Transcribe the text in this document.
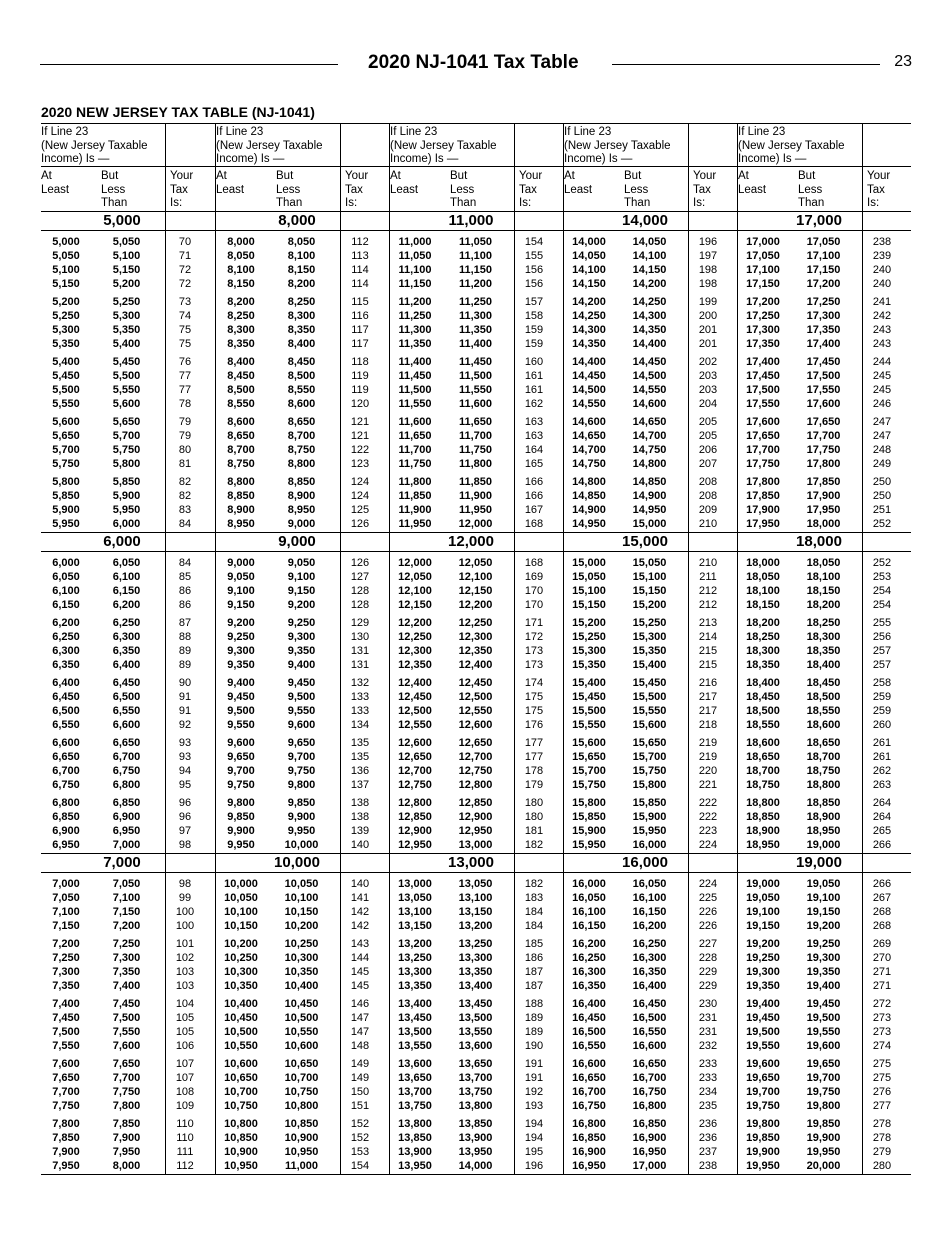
2020 NJ-1041 Tax Table	23
2020 NEW JERSEY TAX TABLE (NJ-1041)
If Line 23
(New Jersey Taxable
Income) Is —
At
Least
But
Less
Than
Your
Tax
Is:
5,000
5,000	5,050	70
5,050	5,100	71
5,100	5,150	72
5,150	5,200	72
5,200	5,250	73
5,250	5,300	74
5,300	5,350	75
5,350	5,400	75
5,400	5,450	76
5,450	5,500	77
5,500	5,550	77
5,550	5,600	78
5,600	5,650	79
5,650	5,700	79
5,700	5,750	80
5,750	5,800	81
5,800	5,850	82
5,850	5,900	82
5,900	5,950	83
5,950	6,000	84
6,000
6,000	6,050	84
6,050	6,100	85
6,100	6,150	86
6,150	6,200	86
6,200	6,250	87
6,250	6,300	88
6,300	6,350	89
6,350	6,400	89
6,400	6,450	90
6,450	6,500	91
6,500	6,550	91
6,550	6,600	92
6,600	6,650	93
6,650	6,700	93
6,700	6,750	94
6,750	6,800	95
6,800	6,850	96
6,850	6,900	96
6,900	6,950	97
6,950	7,000	98
7,000
7,000	7,050	98
7,050	7,100	99
7,100	7,150	100
7,150	7,200	100
7,200	7,250	101
7,250	7,300	102
7,300	7,350	103
7,350	7,400	103
7,400	7,450	104
7,450	7,500	105
7,500	7,550	105
7,550	7,600	106
7,600	7,650	107
7,650	7,700	107
7,700	7,750	108
7,750	7,800	109
7,800	7,850	110
7,850	7,900	110
7,900	7,950	111
7,950	8,000	112
If Line 23
(New Jersey Taxable
Income) Is —
At
Least
But
Less
Than
Your
Tax
Is:
8,000
8,000	8,050	112
8,050	8,100	113
8,100	8,150	114
8,150	8,200	114
8,200	8,250	115
8,250	8,300	116
8,300	8,350	117
8,350	8,400	117
8,400	8,450	118
8,450	8,500	119
8,500	8,550	119
8,550	8,600	120
8,600	8,650	121
8,650	8,700	121
8,700	8,750	122
8,750	8,800	123
8,800	8,850	124
8,850	8,900	124
8,900	8,950	125
8,950	9,000	126
9,000
9,000	9,050	126
9,050	9,100	127
9,100	9,150	128
9,150	9,200	128
9,200	9,250	129
9,250	9,300	130
9,300	9,350	131
9,350	9,400	131
9,400	9,450	132
9,450	9,500	133
9,500	9,550	133
9,550	9,600	134
9,600	9,650	135
9,650	9,700	135
9,700	9,750	136
9,750	9,800	137
9,800	9,850	138
9,850	9,900	138
9,900	9,950	139
9,950	10,000	140
10,000
10,000	10,050	140
10,050	10,100	141
10,100	10,150	142
10,150	10,200	142
10,200	10,250	143
10,250	10,300	144
10,300	10,350	145
10,350	10,400	145
10,400	10,450	146
10,450	10,500	147
10,500	10,550	147
10,550	10,600	148
10,600	10,650	149
10,650	10,700	149
10,700	10,750	150
10,750	10,800	151
10,800	10,850	152
10,850	10,900	152
10,900	10,950	153
10,950	11,000	154
If Line 23
(New Jersey Taxable
Income) Is —
At
Least
But
Less
Than
Your
Tax
Is:
11,000
11,000	11,050	154
11,050	11,100	155
11,100	11,150	156
11,150	11,200	156
11,200	11,250	157
11,250	11,300	158
11,300	11,350	159
11,350	11,400	159
11,400	11,450	160
11,450	11,500	161
11,500	11,550	161
11,550	11,600	162
11,600	11,650	163
11,650	11,700	163
11,700	11,750	164
11,750	11,800	165
11,800	11,850	166
11,850	11,900	166
11,900	11,950	167
11,950	12,000	168
12,000
12,000	12,050	168
12,050	12,100	169
12,100	12,150	170
12,150	12,200	170
12,200	12,250	171
12,250	12,300	172
12,300	12,350	173
12,350	12,400	173
12,400	12,450	174
12,450	12,500	175
12,500	12,550	175
12,550	12,600	176
12,600	12,650	177
12,650	12,700	177
12,700	12,750	178
12,750	12,800	179
12,800	12,850	180
12,850	12,900	180
12,900	12,950	181
12,950	13,000	182
13,000
13,000	13,050	182
13,050	13,100	183
13,100	13,150	184
13,150	13,200	184
13,200	13,250	185
13,250	13,300	186
13,300	13,350	187
13,350	13,400	187
13,400	13,450	188
13,450	13,500	189
13,500	13,550	189
13,550	13,600	190
13,600	13,650	191
13,650	13,700	191
13,700	13,750	192
13,750	13,800	193
13,800	13,850	194
13,850	13,900	194
13,900	13,950	195
13,950	14,000	196
If Line 23
(New Jersey Taxable
Income) Is —
At
Least
But
Less
Than
Your
Tax
Is:
14,000
14,000	14,050	196
14,050	14,100	197
14,100	14,150	198
14,150	14,200	198
14,200	14,250	199
14,250	14,300	200
14,300	14,350	201
14,350	14,400	201
14,400	14,450	202
14,450	14,500	203
14,500	14,550	203
14,550	14,600	204
14,600	14,650	205
14,650	14,700	205
14,700	14,750	206
14,750	14,800	207
14,800	14,850	208
14,850	14,900	208
14,900	14,950	209
14,950	15,000	210
15,000
15,000	15,050	210
15,050	15,100	211
15,100	15,150	212
15,150	15,200	212
15,200	15,250	213
15,250	15,300	214
15,300	15,350	215
15,350	15,400	215
15,400	15,450	216
15,450	15,500	217
15,500	15,550	217
15,550	15,600	218
15,600	15,650	219
15,650	15,700	219
15,700	15,750	220
15,750	15,800	221
15,800	15,850	222
15,850	15,900	222
15,900	15,950	223
15,950	16,000	224
16,000
16,000	16,050	224
16,050	16,100	225
16,100	16,150	226
16,150	16,200	226
16,200	16,250	227
16,250	16,300	228
16,300	16,350	229
16,350	16,400	229
16,400	16,450	230
16,450	16,500	231
16,500	16,550	231
16,550	16,600	232
16,600	16,650	233
16,650	16,700	233
16,700	16,750	234
16,750	16,800	235
16,800	16,850	236
16,850	16,900	236
16,900	16,950	237
16,950	17,000	238
If Line 23
(New Jersey Taxable
Income) Is —
At
Least
But
Less
Than
Your
Tax
Is:
17,000
17,000	17,050	238
17,050	17,100	239
17,100	17,150	240
17,150	17,200	240
17,200	17,250	241
17,250	17,300	242
17,300	17,350	243
17,350	17,400	243
17,400	17,450	244
17,450	17,500	245
17,500	17,550	245
17,550	17,600	246
17,600	17,650	247
17,650	17,700	247
17,700	17,750	248
17,750	17,800	249
17,800	17,850	250
17,850	17,900	250
17,900	17,950	251
17,950	18,000	252
18,000
18,000	18,050	252
18,050	18,100	253
18,100	18,150	254
18,150	18,200	254
18,200	18,250	255
18,250	18,300	256
18,300	18,350	257
18,350	18,400	257
18,400	18,450	258
18,450	18,500	259
18,500	18,550	259
18,550	18,600	260
18,600	18,650	261
18,650	18,700	261
18,700	18,750	262
18,750	18,800	263
18,800	18,850	264
18,850	18,900	264
18,900	18,950	265
18,950	19,000	266
19,000
19,000	19,050	266
19,050	19,100	267
19,100	19,150	268
19,150	19,200	268
19,200	19,250	269
19,250	19,300	270
19,300	19,350	271
19,350	19,400	271
19,400	19,450	272
19,450	19,500	273
19,500	19,550	273
19,550	19,600	274
19,600	19,650	275
19,650	19,700	275
19,700	19,750	276
19,750	19,800	277
19,800	19,850	278
19,850	19,900	278
19,900	19,950	279
19,950	20,000	280
